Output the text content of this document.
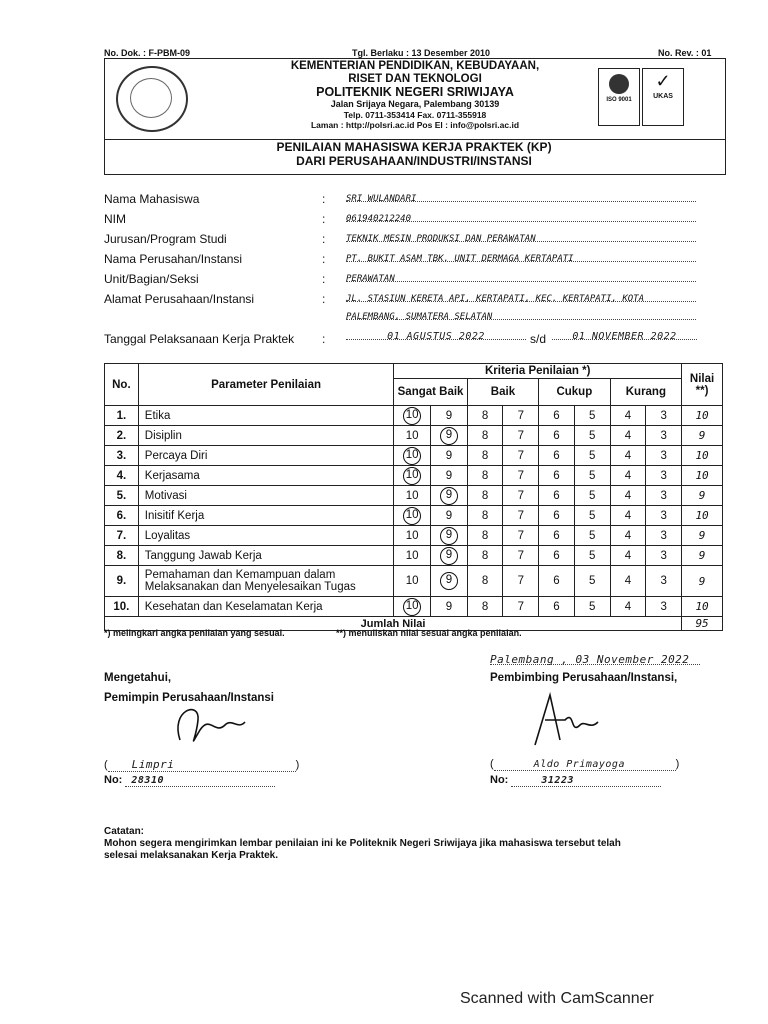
No. Dok. : F-PBM-09	Tgl. Berlaku : 13 Desember 2010	No. Rev. : 01
KEMENTERIAN PENDIDIKAN, KEBUDAYAAN,
RISET DAN TEKNOLOGI
POLITEKNIK NEGERI SRIWIJAYA
Jalan Srijaya Negara, Palembang 30139
Telp. 0711-353414 Fax. 0711-355918
Laman : http://polsri.ac.id Pos El : info@polsri.ac.id
ISO 9001
✓
UKAS
PENILAIAN MAHASISWA KERJA PRAKTEK (KP)
DARI PERUSAHAAN/INDUSTRI/INSTANSI
Nama Mahasiswa	: SRI WULANDARI
NIM	: 061940212240
Jurusan/Program Studi	: TEKNIK MESIN PRODUKSI DAN PERAWATAN
Nama Perusahan/Instansi	: PT. BUKIT ASAM TBK. UNIT DERMAGA KERTAPATI
Unit/Bagian/Seksi	: PERAWATAN
Alamat Perusahaan/Instansi	: JL. STASIUN KERETA API, KERTAPATI, KEC. KERTAPATI, KOTA
PALEMBANG, SUMATERA SELATAN
Tanggal Pelaksanaan Kerja Praktek :	01 AGUSTUS 2022	s/d	01 NOVEMBER 2022
No.	Parameter Penilaian	Kriteria Penilaian *)								Nilai **)
		Sangat Baik		Baik		Cukup		Kurang		
1.	Etika	10	9	8	7	6	5	4	3	10
2.	Disiplin	10	9	8	7	6	5	4	3	9
3.	Percaya Diri	10	9	8	7	6	5	4	3	10
4.	Kerjasama	10	9	8	7	6	5	4	3	10
5.	Motivasi	10	9	8	7	6	5	4	3	9
6.	Inisitif Kerja	10	9	8	7	6	5	4	3	10
7.	Loyalitas	10	9	8	7	6	5	4	3	9
8.	Tanggung Jawab Kerja	10	9	8	7	6	5	4	3	9
9.	Pemahaman dan Kemampuan dalam Melaksanakan dan Menyelesaikan Tugas	10	9	8	7	6	5	4	3	9
10.	Kesehatan dan Keselamatan Kerja	10	9	8	7	6	5	4	3	10
Jumlah Nilai										95
*) melingkari angka penilaian yang sesuai.	**) menuliskan nilai sesuai angka penilaian.
Palembang , 03 November 2022
Mengetahui,
Pemimpin Perusahaan/Instansi
Pembimbing Perusahaan/Instansi,
( Limpri	)
No: 28310
(	Aldo Primayoga	)
No:	31223
Catatan:
Mohon segera mengirimkan lembar penilaian ini ke Politeknik Negeri Sriwijaya jika mahasiswa tersebut telah
selesai melaksanakan Kerja Praktek.
Scanned with CamScanner
